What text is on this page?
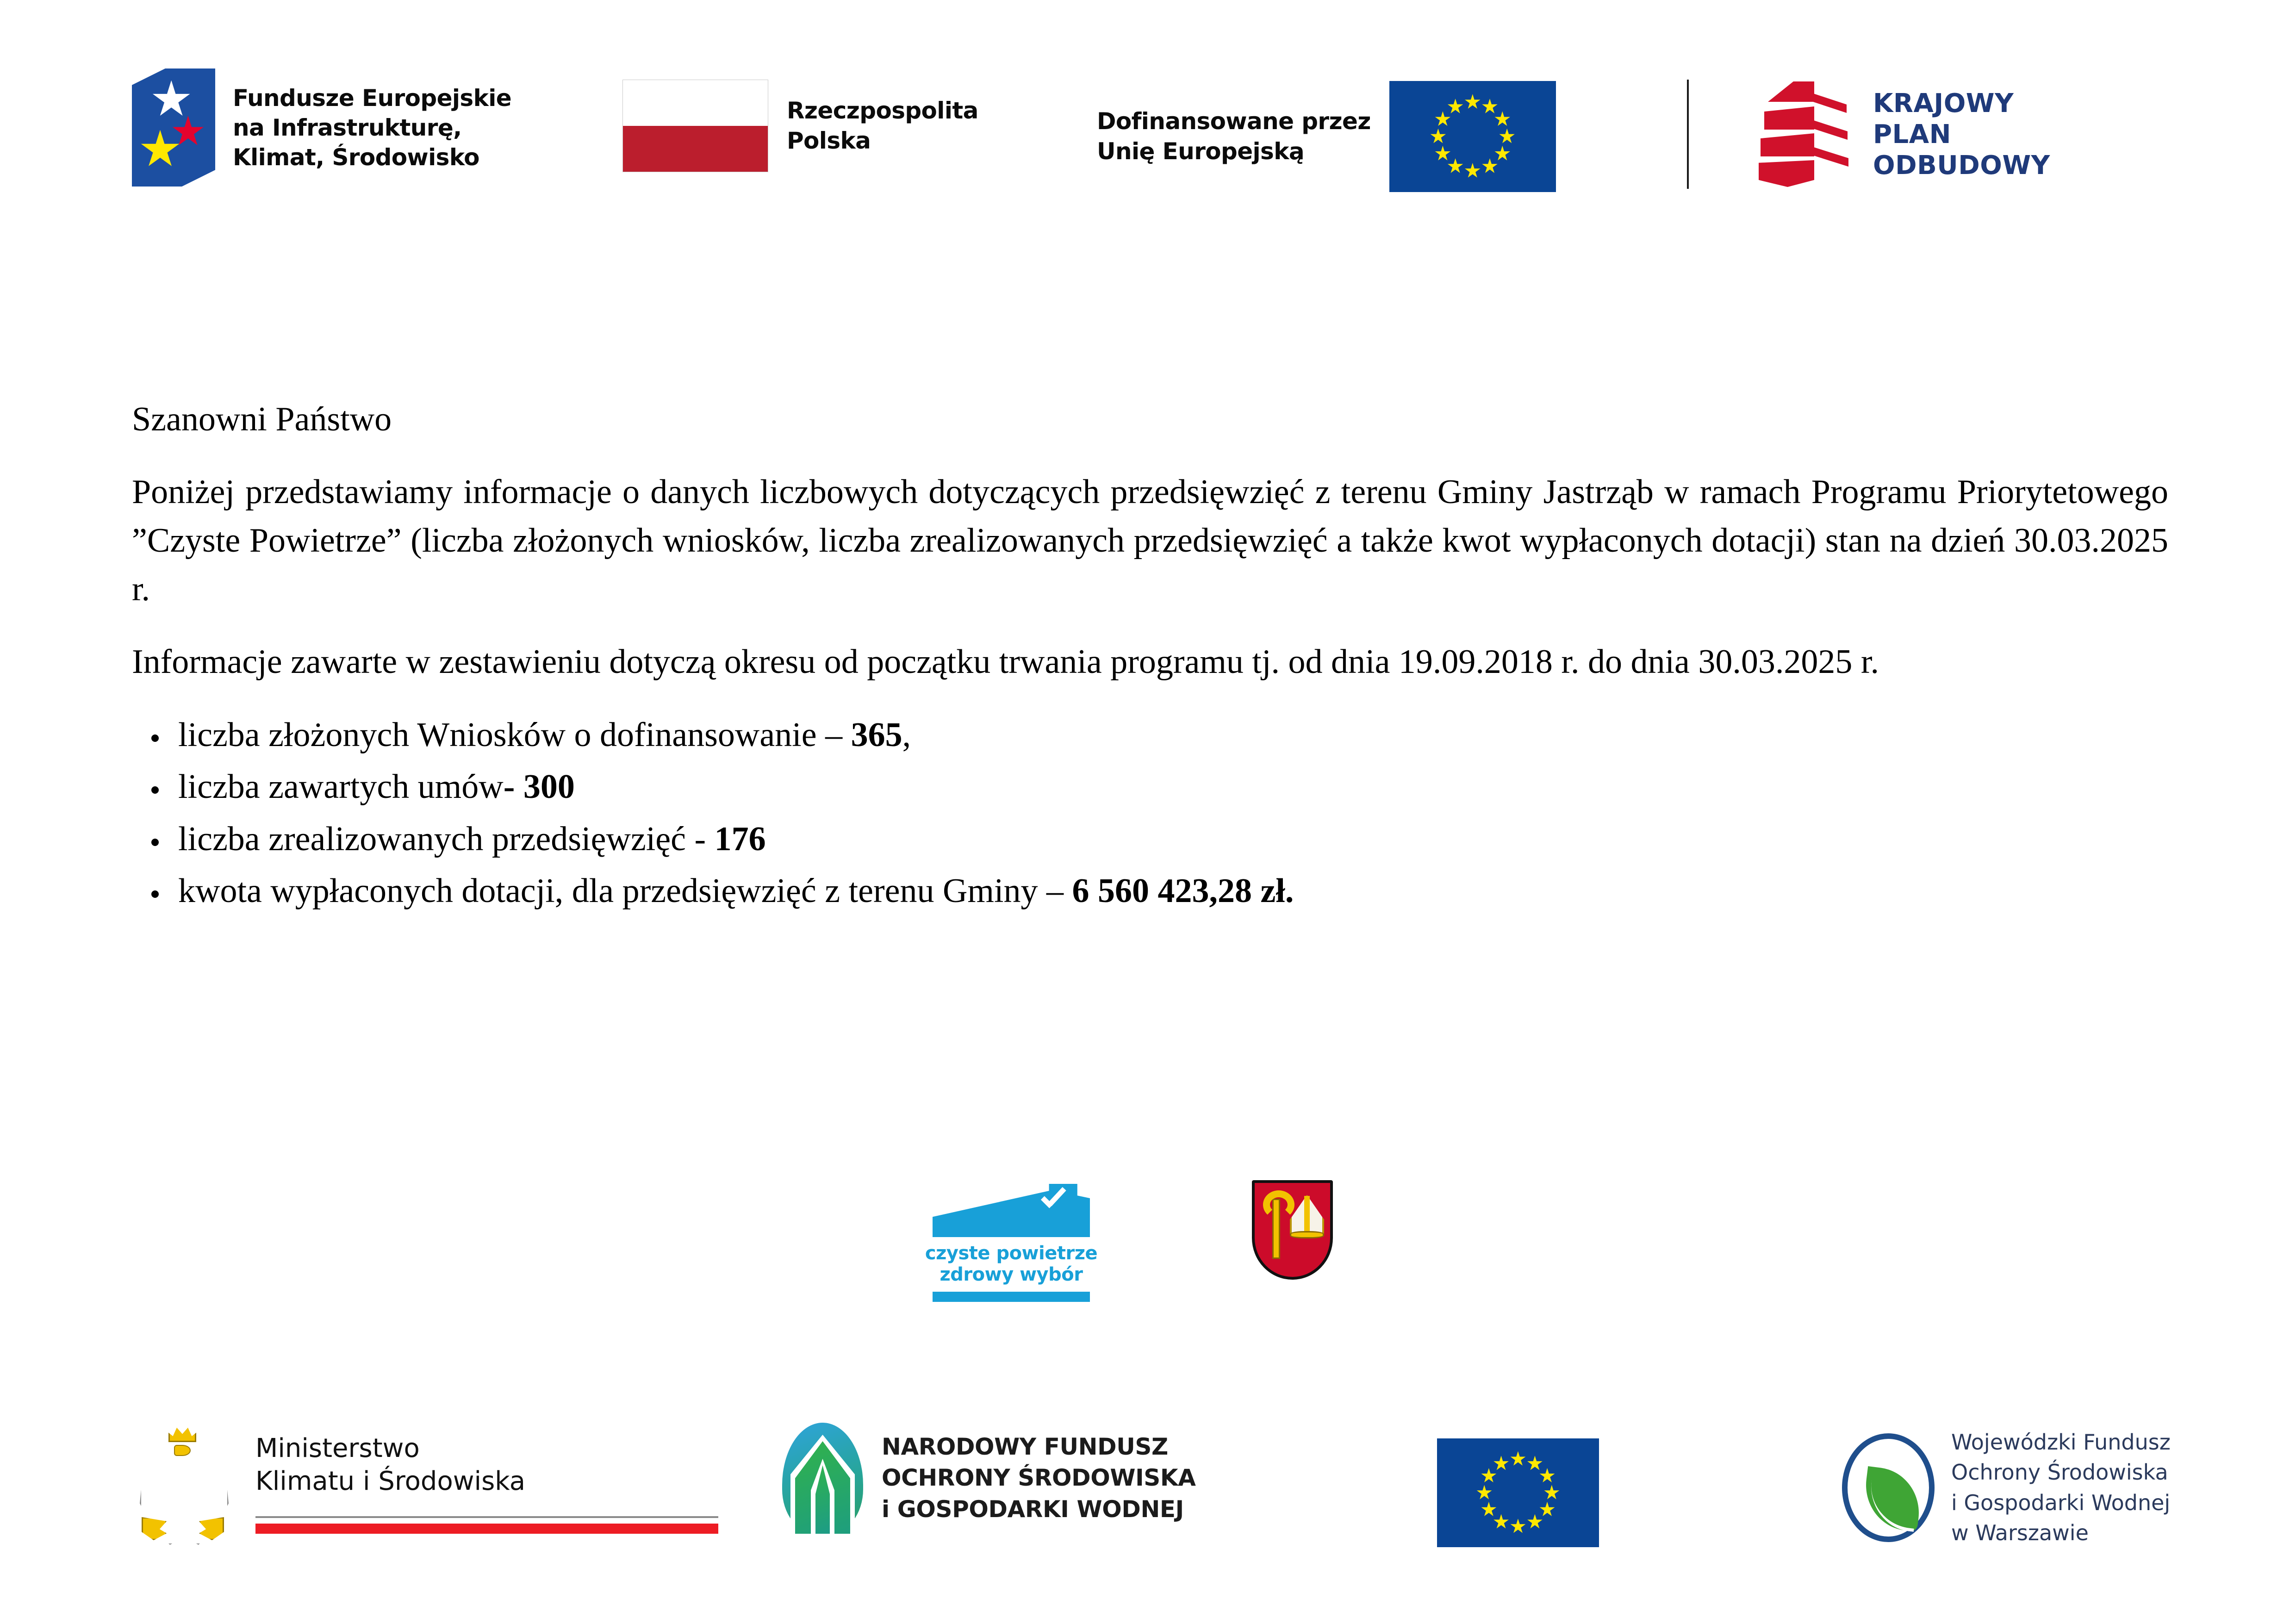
Fundusze Europejskie
na Infrastrukturę,
Klimat, Środowisko
Rzeczpospolita
Polska
Dofinansowane przez
Unię Europejską
KRAJOWY
PLAN
ODBUDOWY

Szanowni Państwo

Poniżej przedstawiamy informacje o danych liczbowych dotyczących przedsięwzięć z terenu Gminy Jastrząb w ramach Programu Priorytetowego ”Czyste Powietrze” (liczba złożonych wniosków, liczba zrealizowanych przedsięwzięć a także kwot wypłaconych dotacji) stan na dzień 30.03.2025 r.

Informacje zawarte w zestawieniu dotyczą okresu od początku trwania programu tj. od dnia 19.09.2018 r. do dnia 30.03.2025 r.

liczba złożonych Wniosków o dofinansowanie – 365,
liczba zawartych umów- 300
liczba zrealizowanych przedsięwzięć - 176
kwota wypłaconych dotacji, dla przedsięwzięć z terenu Gminy – 6 560 423,28 zł.
czyste powietrze
zdrowy wybór
Ministerstwo
Klimatu i Środowiska
NARODOWY FUNDUSZ
OCHRONY ŚRODOWISKA
i GOSPODARKI WODNEJ
Wojewódzki Fundusz
Ochrony Środowiska
i Gospodarki Wodnej
w Warszawie
